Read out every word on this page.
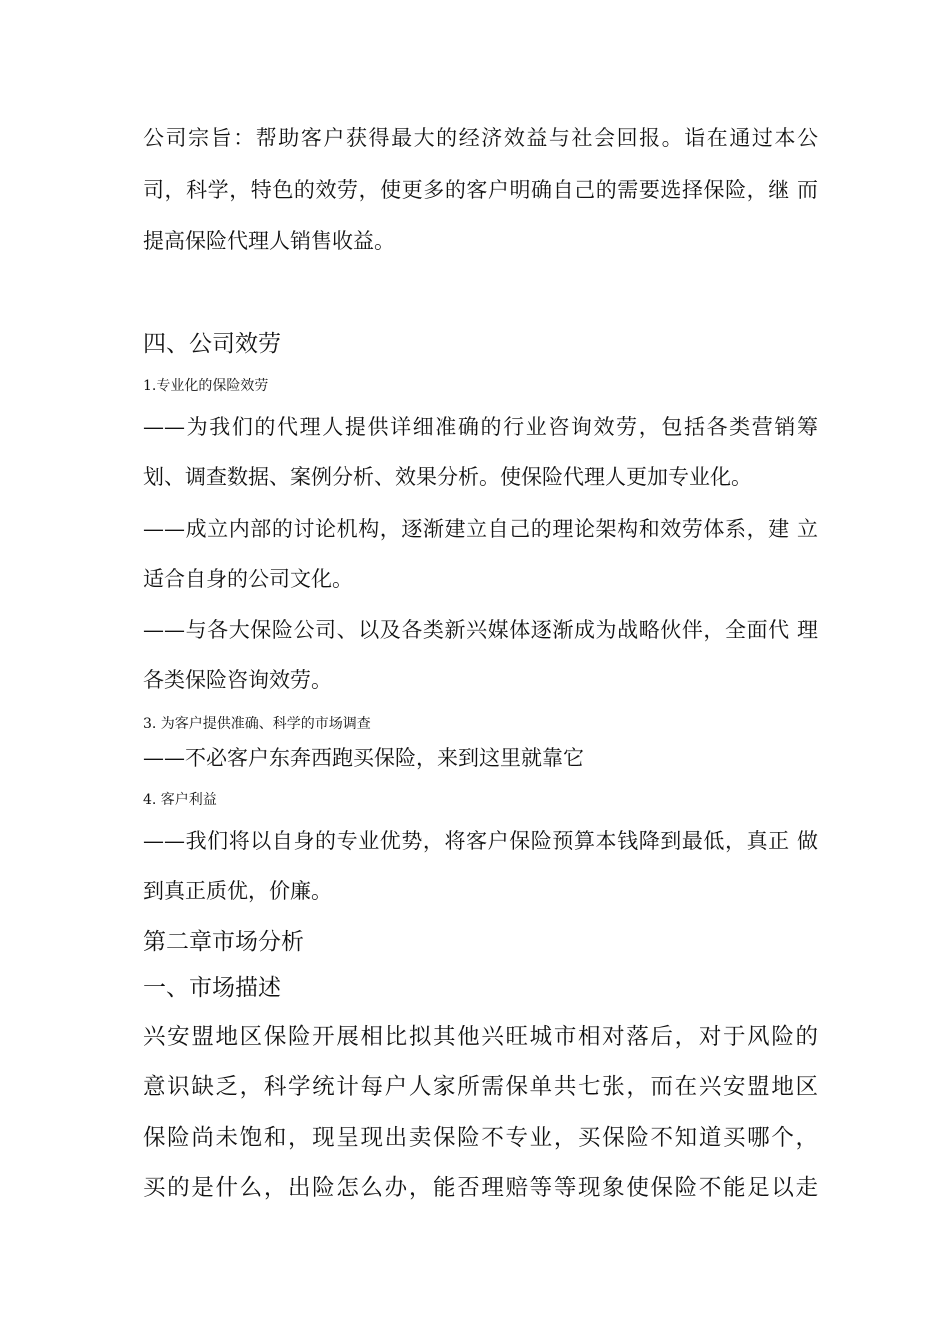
公司宗旨：帮助客户获得最大的经济效益与社会回报。诣在通过本公
司，科学，特色的效劳，使更多的客户明确自己的需要选择保险，继 而
提高保险代理人销售收益。
四、公司效劳
1.专业化的保险效劳
——为我们的代理人提供详细准确的行业咨询效劳，包括各类营销筹
划、调查数据、案例分析、效果分析。使保险代理人更加专业化。
——成立内部的讨论机构，逐渐建立自己的理论架构和效劳体系，建 立
适合自身的公司文化。
——与各大保险公司、以及各类新兴媒体逐渐成为战略伙伴，全面代 理
各类保险咨询效劳。
3. 为客户提供准确、科学的市场调查
——不必客户东奔西跑买保险，来到这里就靠它
4. 客户利益
——我们将以自身的专业优势，将客户保险预算本钱降到最低，真正 做
到真正质优，价廉。
第二章市场分析
一、市场描述
兴安盟地区保险开展相比拟其他兴旺城市相对落后，对于风险的
意识缺乏，科学统计每户人家所需保单共七张，而在兴安盟地区
保险尚未饱和，现呈现出卖保险不专业，买保险不知道买哪个，
买的是什么，出险怎么办，能否理赔等等现象使保险不能足以走
